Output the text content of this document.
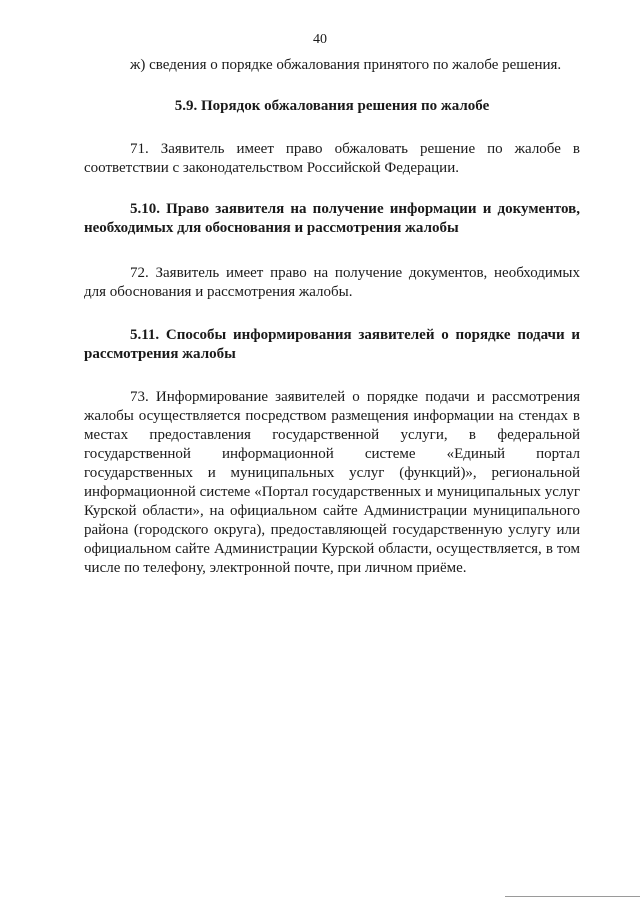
40

ж) сведения о порядке обжалования принятого по жалобе решения.

5.9. Порядок обжалования решения по жалобе

71. Заявитель имеет право обжаловать решение по жалобе в соответствии с законодательством Российской Федерации.

5.10. Право заявителя на получение информации и документов, необходимых для обоснования и рассмотрения жалобы

72. Заявитель имеет право на получение документов, необходимых для обоснования и рассмотрения жалобы.

5.11. Способы информирования заявителей о порядке подачи и рассмотрения жалобы

73. Информирование заявителей о порядке подачи и рассмотрения жалобы осуществляется посредством размещения информации на стендах в местах предоставления государственной услуги, в федеральной государственной информационной системе «Единый портал государственных и муниципальных услуг (функций)», региональной информационной системе «Портал государственных и муниципальных услуг Курской области», на официальном сайте Администрации муниципального района (городского округа), предоставляющей государственную услугу или официальном сайте Администрации Курской области, осуществляется, в том числе по телефону, электронной почте, при личном приёме.
